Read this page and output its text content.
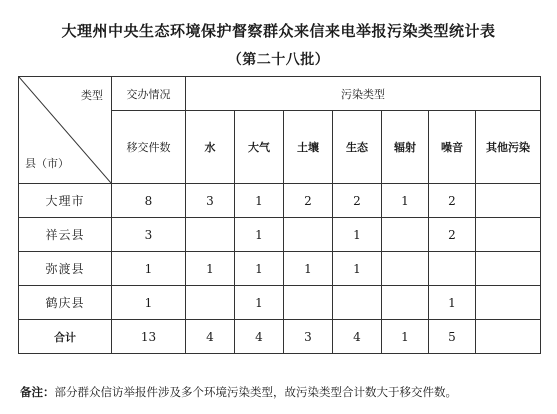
大理州中央生态环境保护督察群众来信来电举报污染类型统计表
（第二十八批）
类型
县（市）	交办情况	污染类型						
	移交件数	水	大气	土壤	生态	辐射	噪音	其他污染
大理市	8	3	1	2	2	1	2	
祥云县	3		1		1		2	
弥渡县	1	1	1	1	1			
鹤庆县	1		1				1	
合计	13	4	4	3	4	1	5	
备注：部分群众信访举报件涉及多个环境污染类型，故污染类型合计数大于移交件数。
